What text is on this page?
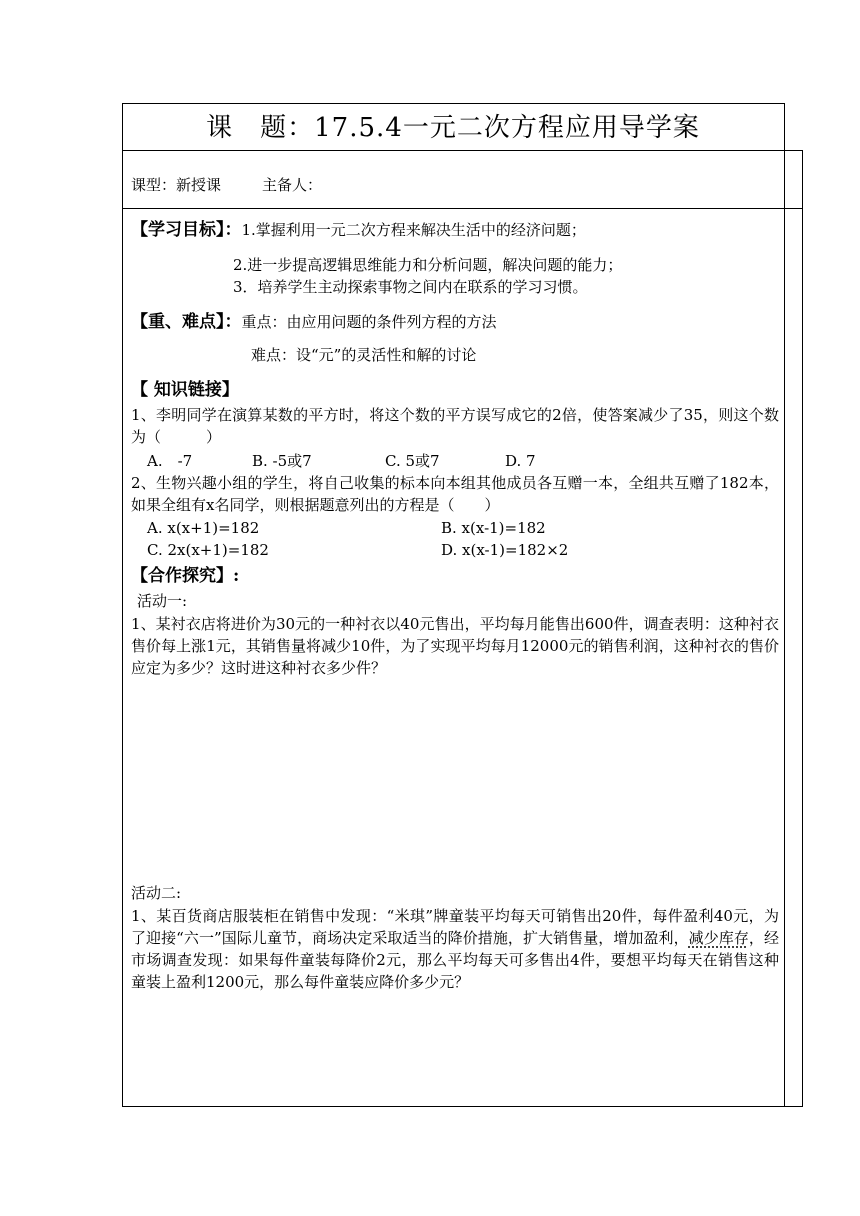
课　题：17.5.4一元二次方程应用导学案
课型：新授课	主备人：
【学习目标】：1.掌握利用一元二次方程来解决生活中的经济问题；
2.进一步提高逻辑思维能力和分析问题，解决问题的能力；
3．培养学生主动探索事物之间内在联系的学习习惯。
【重、难点】：重点：由应用问题的条件列方程的方法
难点：设“元”的灵活性和解的讨论
【 知识链接】
1、李明同学在演算某数的平方时，将这个数的平方误写成它的2倍，使答案减少了35，则这个数为（　　　）
A.　-7	B. -5或7	C. 5或7	D. 7
2、生物兴趣小组的学生，将自己收集的标本向本组其他成员各互赠一本，全组共互赠了182本，如果全组有x名同学，则根据题意列出的方程是（　　）
A. x(x+1)=182	B. x(x-1)=182
C. 2x(x+1)=182	D. x(x-1)=182×2
【合作探究】:
活动一:
1、某衬衣店将进价为30元的一种衬衣以40元售出，平均每月能售出600件，调查表明：这种衬衣售价每上涨1元，其销售量将减少10件，为了实现平均每月12000元的销售利润，这种衬衣的售价应定为多少？这时进这种衬衣多少件？
活动二:
1、某百货商店服装柜在销售中发现：“米琪”牌童装平均每天可销售出20件，每件盈利40元，为了迎接“六一”国际儿童节，商场决定采取适当的降价措施，扩大销售量，增加盈利，减少库存，经市场调查发现：如果每件童装每降价2元，那么平均每天可多售出4件，要想平均每天在销售这种童装上盈利1200元，那么每件童装应降价多少元？
